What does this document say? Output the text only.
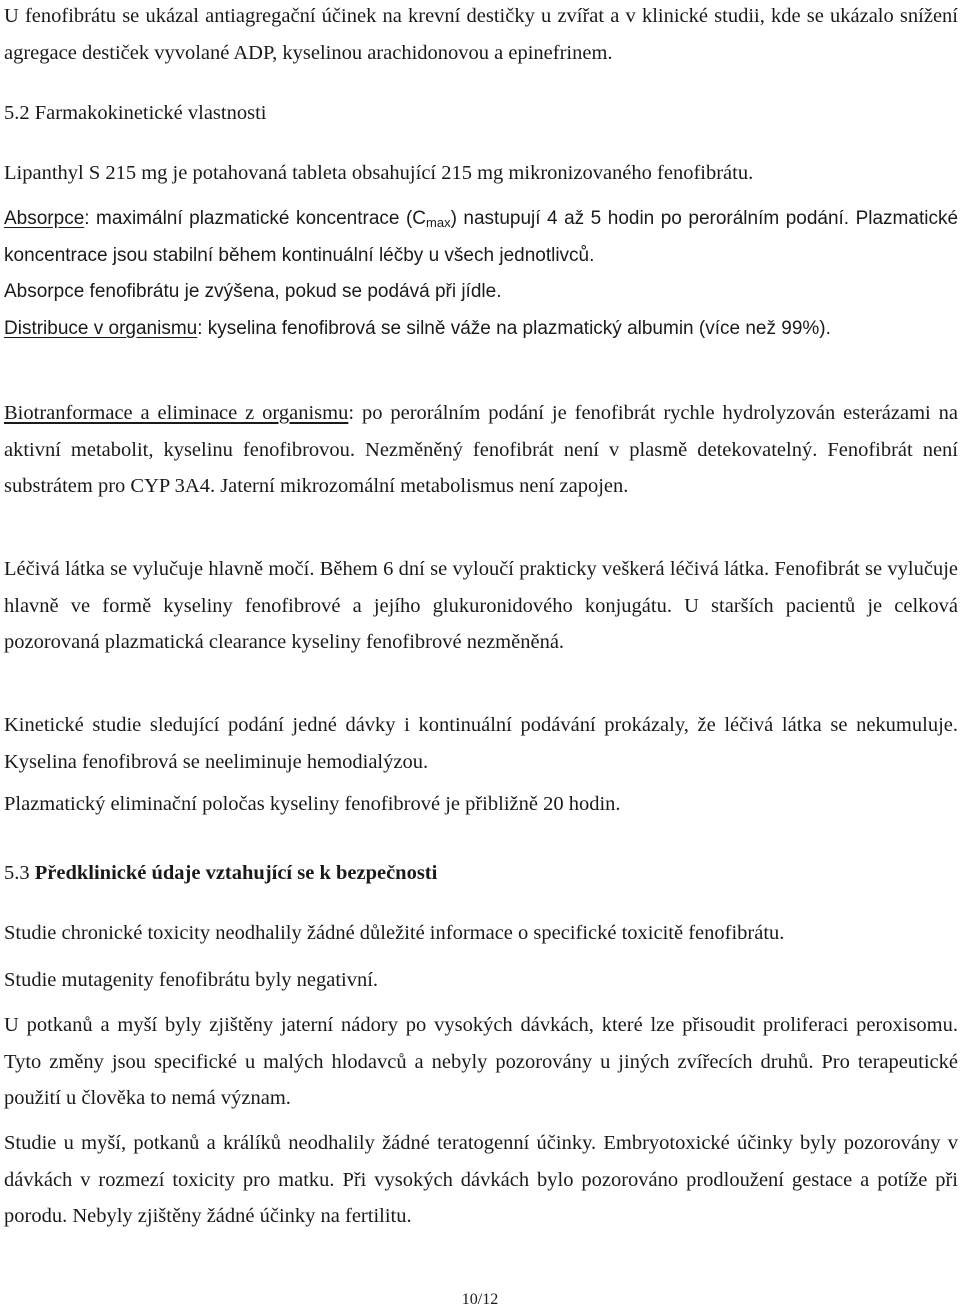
U fenofibrátu se ukázal antiagregační účinek na krevní destičky u zvířat a v klinické studii, kde se ukázalo snížení agregace destiček vyvolané ADP, kyselinou arachidonovou a epinefrinem.

5.2 Farmakokinetické vlastnosti

Lipanthyl S 215 mg je potahovaná tableta obsahující 215 mg mikronizovaného fenofibrátu.

Absorpce: maximální plazmatické koncentrace $(C_{max})$ nastupují 4 až 5 hodin po perorálním podání. Plazmatické koncentrace jsou stabilní během kontinuální léčby u všech jednotlivců.

Absorpce fenofibrátu je zvýšena, pokud se podává při jídle.

Distribuce v organismu: kyselina fenofibrová se silně váže na plazmatický albumin (více než 99%).

Biotranformace a eliminace z organismu: po perorálním podání je fenofibrát rychle hydrolyzován esterázami na aktivní metabolit, kyselinu fenofibrovou. Nezměněný fenofibrát není v plasmě detekovatelný. Fenofibrát není substrátem pro CYP 3A4. Jaterní mikrozomální metabolismus není zapojen.

Léčivá látka se vylučuje hlavně močí. Během 6 dní se vyloučí prakticky veškerá léčivá látka. Fenofibrát se vylučuje hlavně ve formě kyseliny fenofibrové a jejího glukuronidového konjugátu. U starších pacientů je celková pozorovaná plazmatická clearance kyseliny fenofibrové nezměněná.

Kinetické studie sledující podání jedné dávky i kontinuální podávání prokázaly, že léčivá látka se nekumuluje. Kyselina fenofibrová se neeliminuje hemodialýzou.

Plazmatický eliminační poločas kyseliny fenofibrové je přibližně 20 hodin.

5.3 Předklinické údaje vztahující se k bezpečnosti

Studie chronické toxicity neodhalily žádné důležité informace o specifické toxicitě fenofibrátu.

Studie mutagenity fenofibrátu byly negativní.

U potkanů a myší byly zjištěny jaterní nádory po vysokých dávkách, které lze přisoudit proliferaci peroxisomu. Tyto změny jsou specifické u malých hlodavců a nebyly pozorovány u jiných zvířecích druhů. Pro terapeutické použití u člověka to nemá význam.

Studie u myší, potkanů a králíků neodhalily žádné teratogenní účinky. Embryotoxické účinky byly pozorovány v dávkách v rozmezí toxicity pro matku. Při vysokých dávkách bylo pozorováno prodloužení gestace a potíže při porodu. Nebyly zjištěny žádné účinky na fertilitu.

10/12
